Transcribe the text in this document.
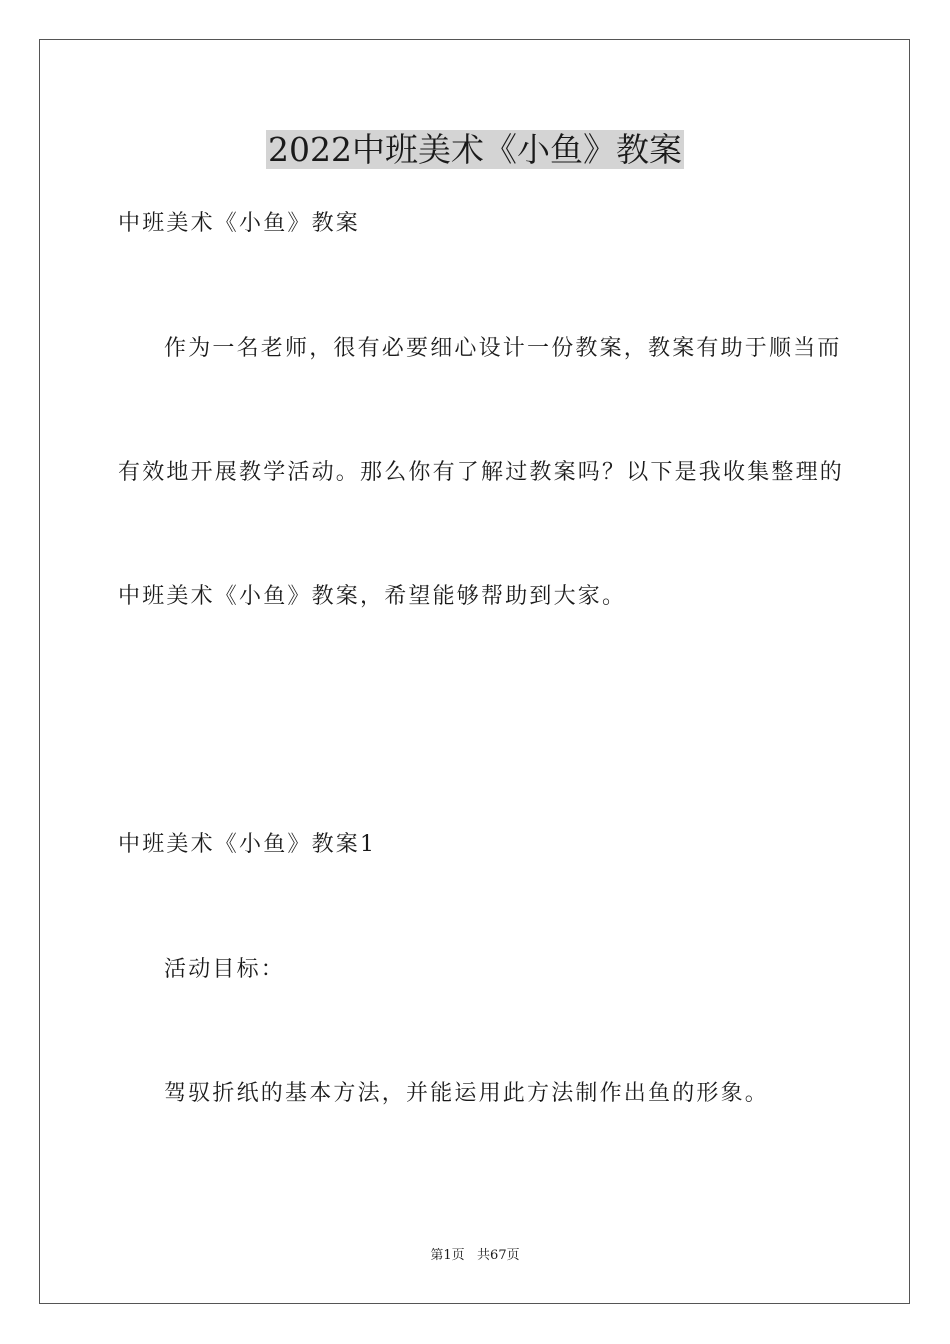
2022中班美术《小鱼》教案

中班美术《小鱼》教案

作为一名老师，很有必要细心设计一份教案，教案有助于顺当而

有效地开展教学活动。那么你有了解过教案吗？以下是我收集整理的

中班美术《小鱼》教案，希望能够帮助到大家。

中班美术《小鱼》教案1

活动目标：

驾驭折纸的基本方法，并能运用此方法制作出鱼的形象。

第1页   共67页
